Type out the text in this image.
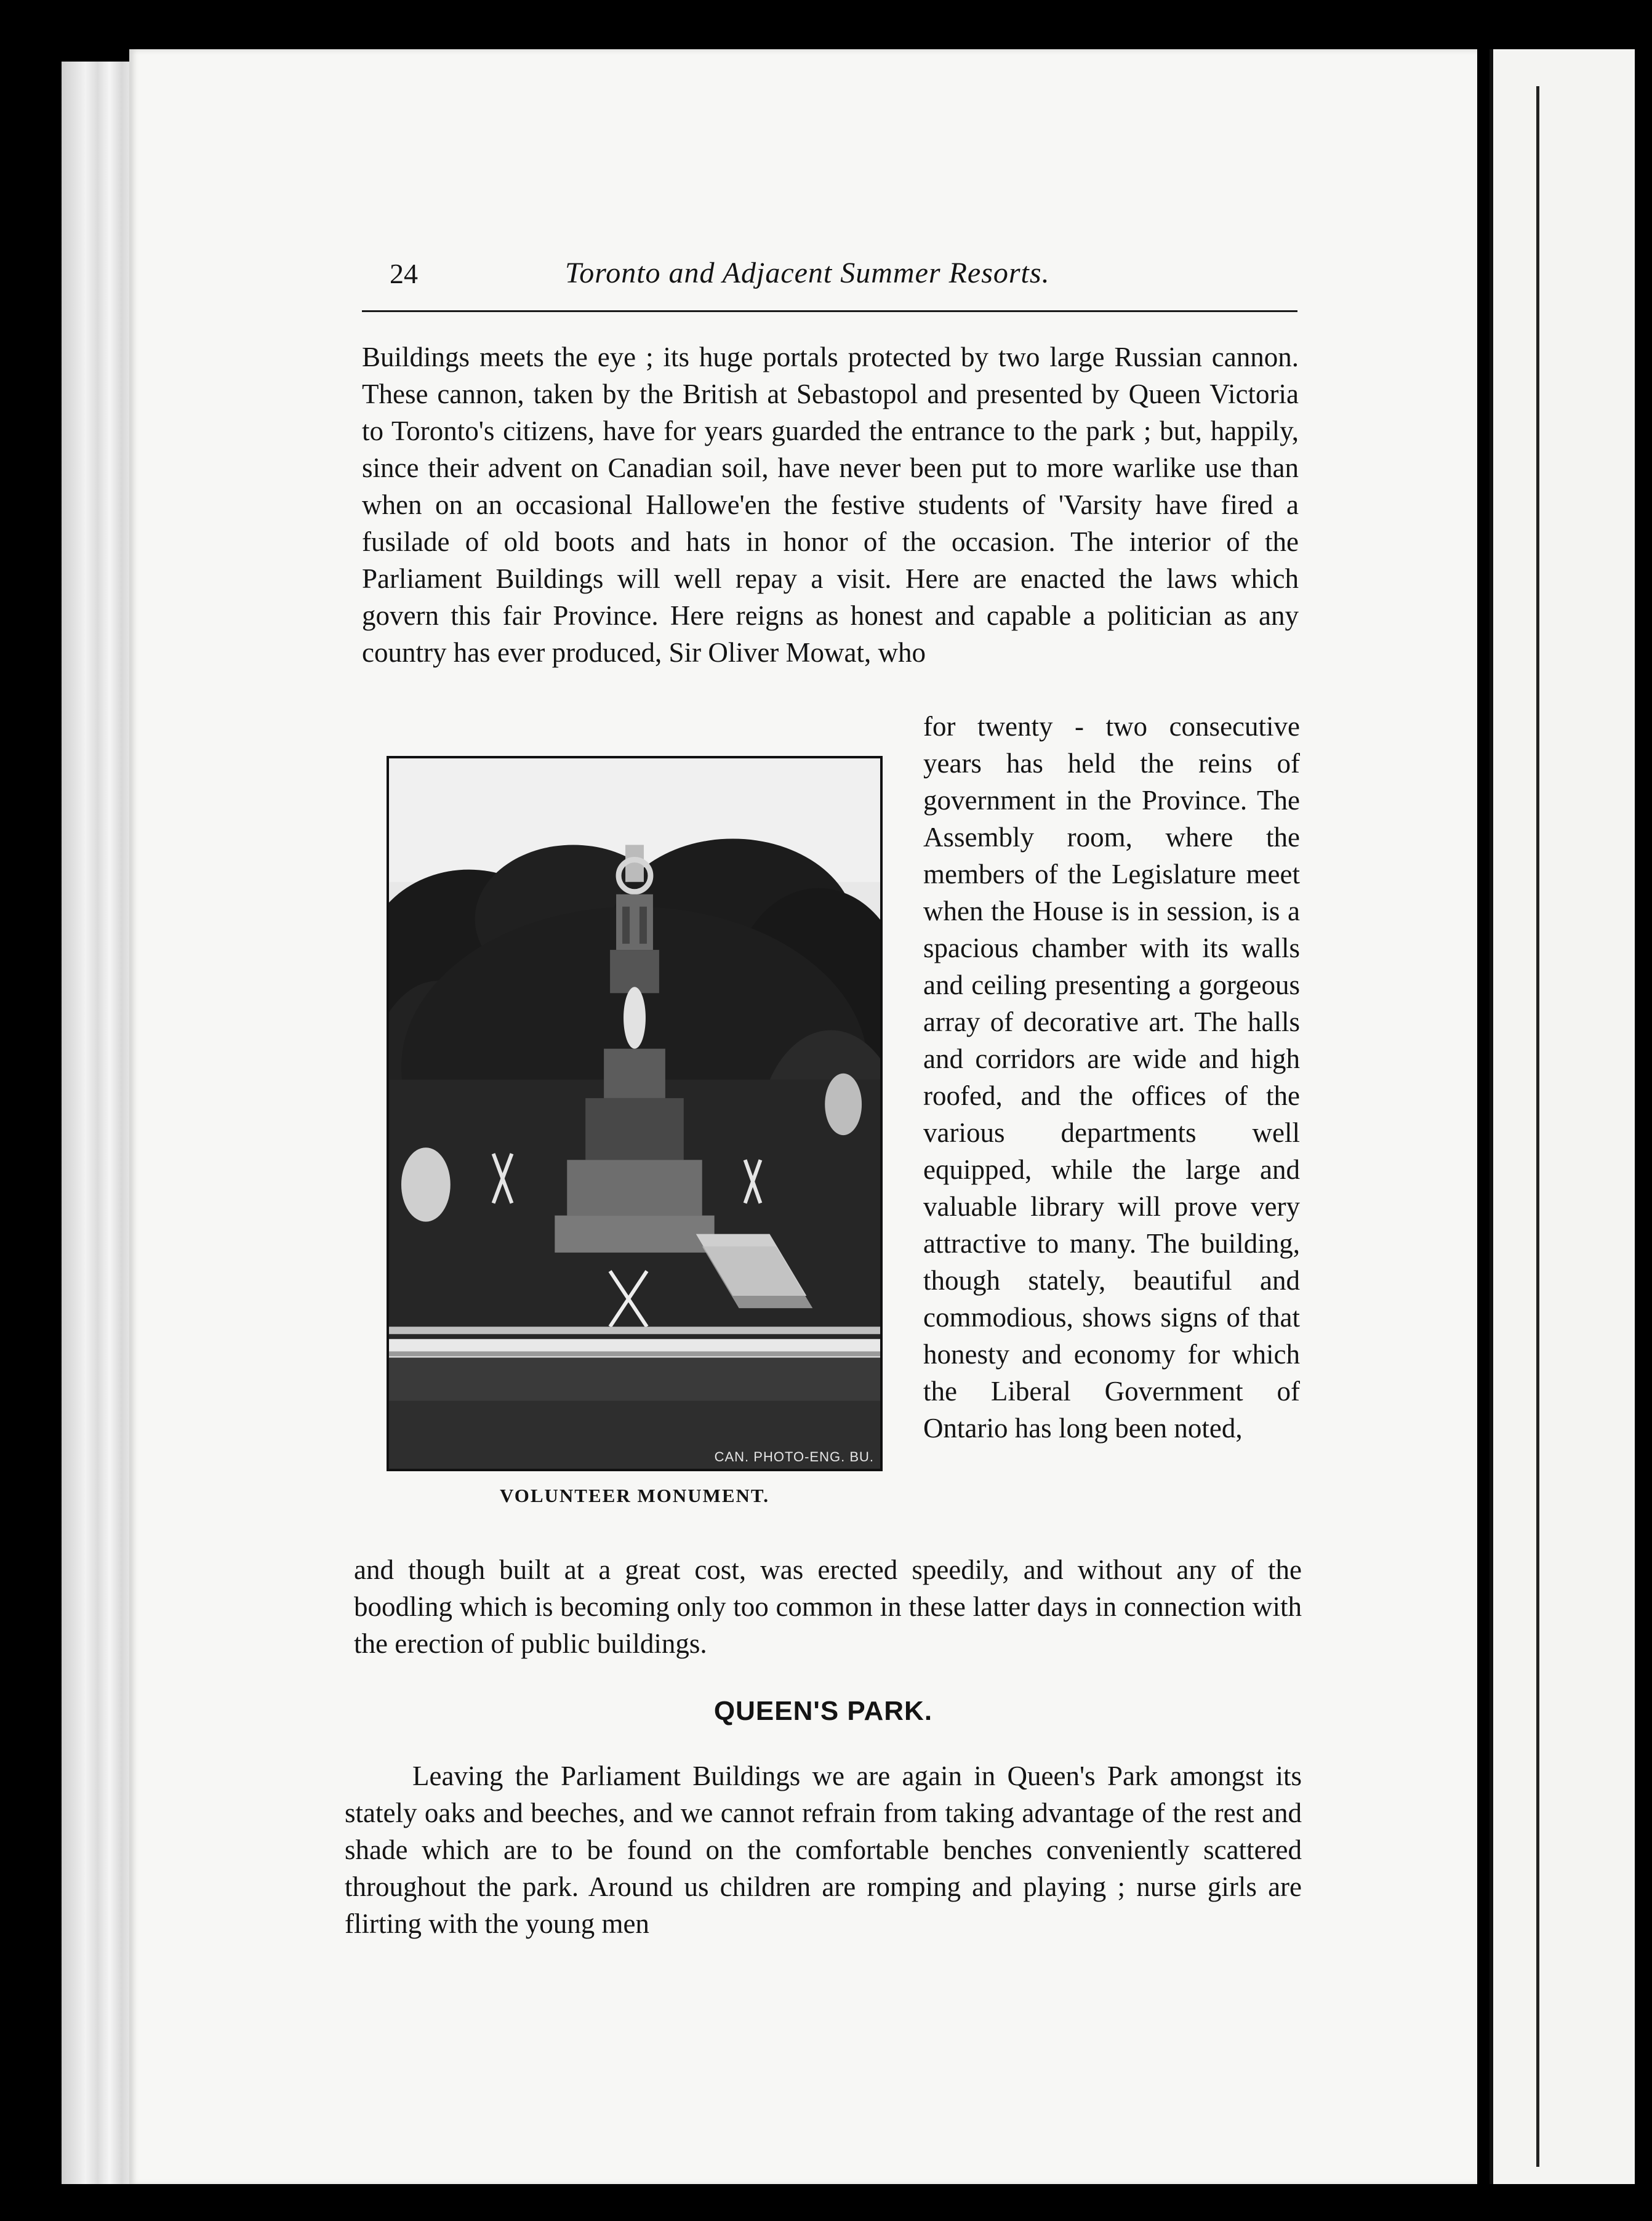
24	Toronto and Adjacent Summer Resorts.

Buildings meets the eye ; its huge portals protected by two large Russian cannon. These cannon, taken by the British at Sebastopol and presented by Queen Victoria to Toronto's citizens, have for years guarded the entrance to the park ; but, happily, since their advent on Canadian soil, have never been put to more warlike use than when on an occasional Hallowe'en the festive students of 'Varsity have fired a fusilade of old boots and hats in honor of the occasion. The interior of the Parliament Buildings will well repay a visit. Here are enacted the laws which govern this fair Province. Here reigns as honest and capable a politician as any country has ever produced, Sir Oliver Mowat, who

CAN. PHOTO-ENG. BU.
VOLUNTEER MONUMENT.

for twenty - two consecutive years has held the reins of government in the Province. The Assembly room, where the members of the Legislature meet when the House is in session, is a spacious chamber with its walls and ceiling presenting a gorgeous array of decorative art. The halls and corridors are wide and high roofed, and the offices of the various departments well equipped, while the large and valuable library will prove very attractive to many. The building, though stately, beautiful and commodious, shows signs of that honesty and economy for which the Liberal Government of Ontario has long been noted,

and though built at a great cost, was erected speedily, and without any of the boodling which is becoming only too common in these latter days in connection with the erection of public buildings.

QUEEN'S PARK.

Leaving the Parliament Buildings we are again in Queen's Park amongst its stately oaks and beeches, and we cannot refrain from taking advantage of the rest and shade which are to be found on the comfortable benches conveniently scattered throughout the park. Around us children are romping and playing ; nurse girls are flirting with the young men
